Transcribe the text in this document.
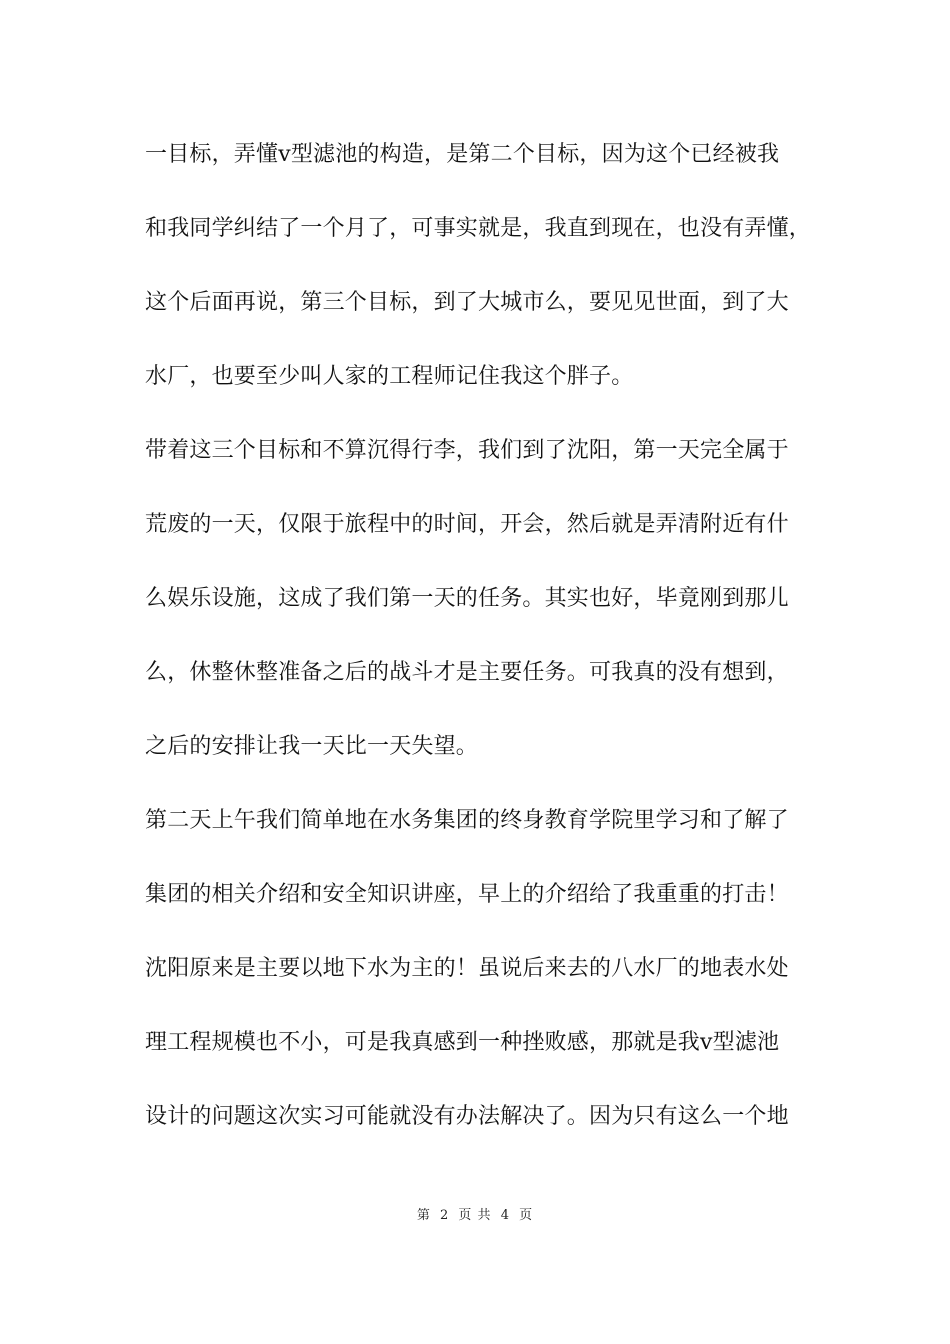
一目标，弄懂v型滤池的构造，是第二个目标，因为这个已经被我
和我同学纠结了一个月了，可事实就是，我直到现在，也没有弄懂，
这个后面再说，第三个目标，到了大城市么，要见见世面，到了大
水厂，也要至少叫人家的工程师记住我这个胖子。
带着这三个目标和不算沉得行李，我们到了沈阳，第一天完全属于
荒废的一天，仅限于旅程中的时间，开会，然后就是弄清附近有什
么娱乐设施，这成了我们第一天的任务。其实也好，毕竟刚到那儿
么，休整休整准备之后的战斗才是主要任务。可我真的没有想到，
之后的安排让我一天比一天失望。
第二天上午我们简单地在水务集团的终身教育学院里学习和了解了
集团的相关介绍和安全知识讲座，早上的介绍给了我重重的打击！
沈阳原来是主要以地下水为主的！虽说后来去的八水厂的地表水处
理工程规模也不小，可是我真感到一种挫败感，那就是我v型滤池
设计的问题这次实习可能就没有办法解决了。因为只有这么一个地
第 2 页 共 4 页
